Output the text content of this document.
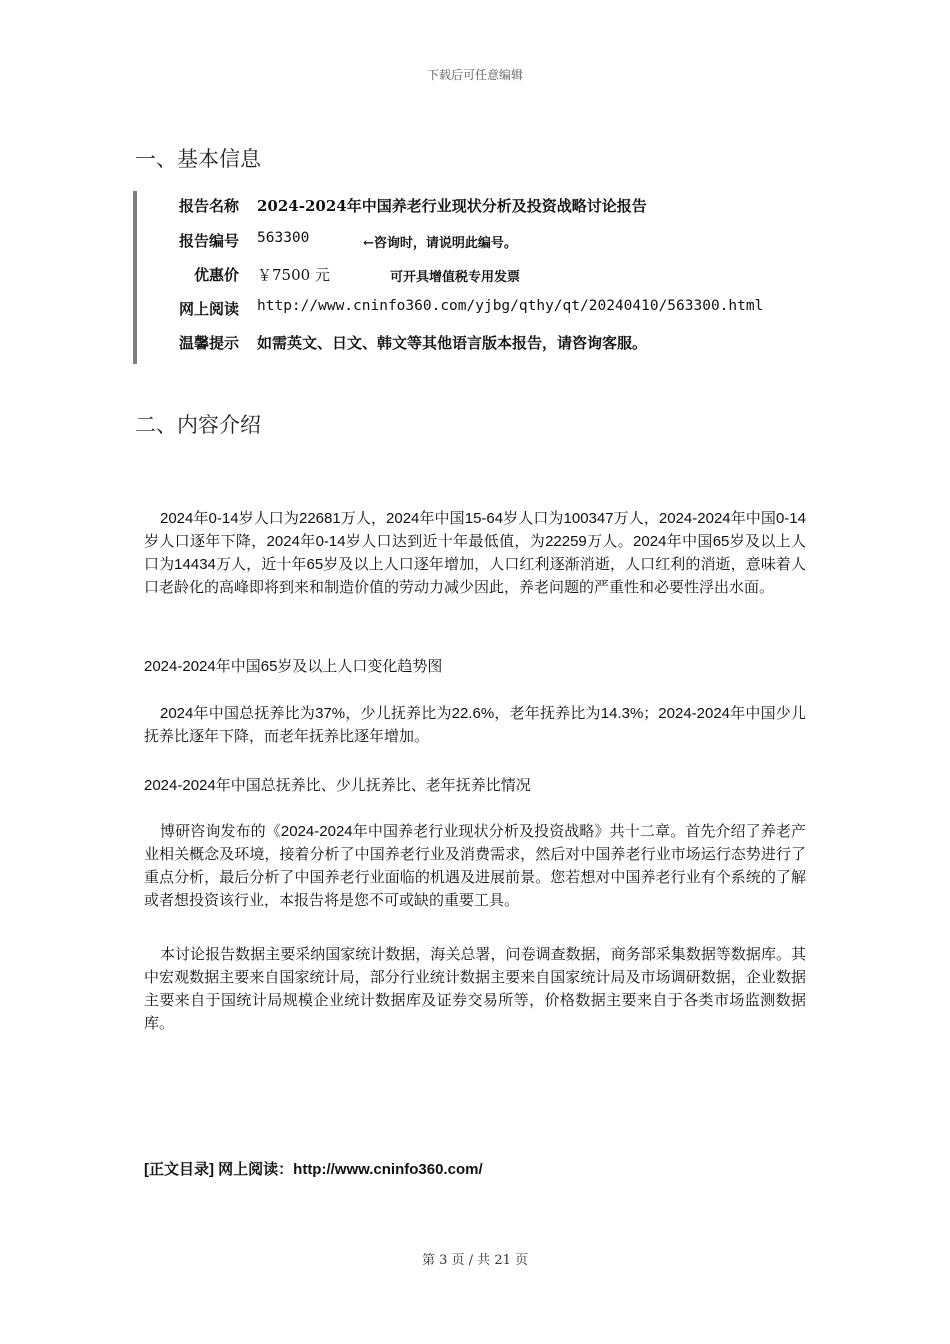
下载后可任意编辑
一、基本信息
报告名称 2024-2024年中国养老行业现状分析及投资战略讨论报告
报告编号 563300	←咨询时，请说明此编号。
优惠价 ￥7500 元	可开具增值税专用发票
网上阅读 http://www.cninfo360.com/yjbg/qthy/qt/20240410/563300.html
温馨提示 如需英文、日文、韩文等其他语言版本报告，请咨询客服。
二、内容介绍

2024年0-14岁人口为22681万人，2024年中国15-64岁人口为100347万人，2024-2024年中国0-14岁人口逐年下降，2024年0-14岁人口达到近十年最低值，为22259万人。2024年中国65岁及以上人口为14434万人，近十年65岁及以上人口逐年增加，人口红利逐渐消逝，人口红利的消逝，意味着人口老龄化的高峰即将到来和制造价值的劳动力减少因此，养老问题的严重性和必要性浮出水面。

2024-2024年中国65岁及以上人口变化趋势图

2024年中国总抚养比为37%，少儿抚养比为22.6%，老年抚养比为14.3%；2024-2024年中国少儿抚养比逐年下降，而老年抚养比逐年增加。

2024-2024年中国总抚养比、少儿抚养比、老年抚养比情况

博研咨询发布的《2024-2024年中国养老行业现状分析及投资战略》共十二章。首先介绍了养老产业相关概念及环境，接着分析了中国养老行业及消费需求，然后对中国养老行业市场运行态势进行了重点分析，最后分析了中国养老行业面临的机遇及进展前景。您若想对中国养老行业有个系统的了解或者想投资该行业，本报告将是您不可或缺的重要工具。

本讨论报告数据主要采纳国家统计数据，海关总署，问卷调查数据，商务部采集数据等数据库。其中宏观数据主要来自国家统计局，部分行业统计数据主要来自国家统计局及市场调研数据，企业数据主要来自于国统计局规模企业统计数据库及证券交易所等，价格数据主要来自于各类市场监测数据库。

[正文目录] 网上阅读：http://www.cninfo360.com/
第 3 页 / 共 21 页
